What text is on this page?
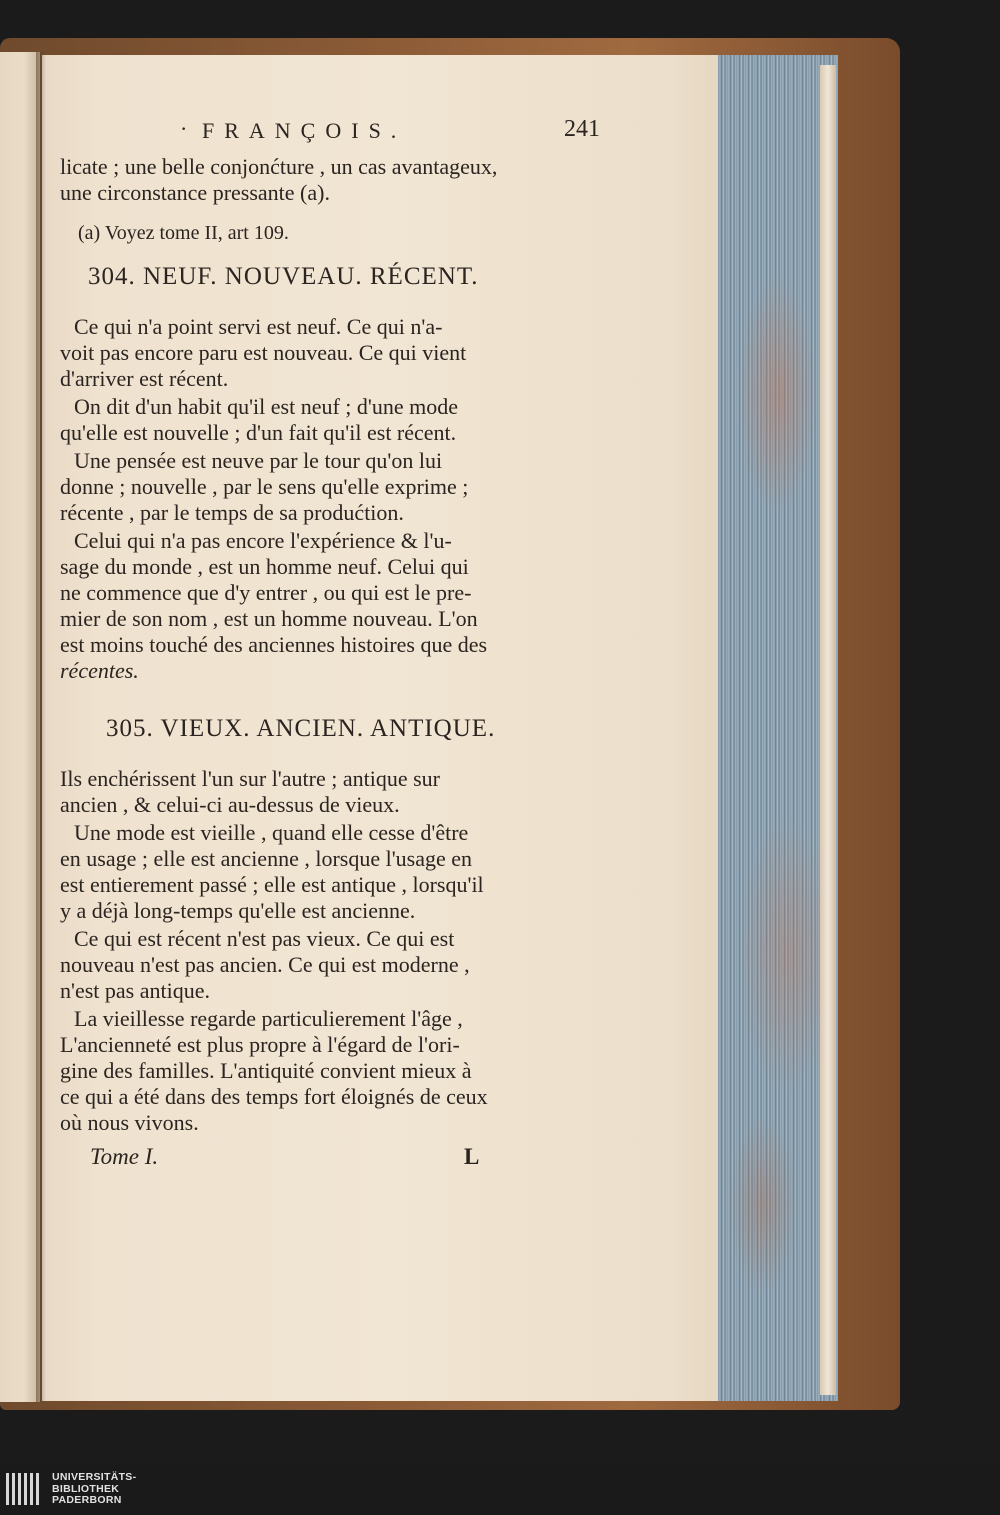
· FRANÇOIS.	241
licate ; une belle conjonćture , un cas avantageux,
une circonstance pressante (a).
(a) Voyez tome II, art 109.
304. NEUF. NOUVEAU. RÉCENT.
Ce qui n'a point servi est neuf. Ce qui n'a-
voit pas encore paru est nouveau. Ce qui vient
d'arriver est récent.
On dit d'un habit qu'il est neuf ; d'une mode
qu'elle est nouvelle ; d'un fait qu'il est récent.
Une pensée est neuve par le tour qu'on lui
donne ; nouvelle , par le sens qu'elle exprime ;
récente , par le temps de sa produćtion.
Celui qui n'a pas encore l'expérience & l'u-
sage du monde , est un homme neuf. Celui qui
ne commence que d'y entrer , ou qui est le pre-
mier de son nom , est un homme nouveau. L'on
est moins touché des anciennes histoires que des
récentes.
305. VIEUX. ANCIEN. ANTIQUE.
Ils enchérissent l'un sur l'autre ; antique sur
ancien , & celui-ci au-dessus de vieux.
Une mode est vieille , quand elle cesse d'être
en usage ; elle est ancienne , lorsque l'usage en
est entierement passé ; elle est antique , lorsqu'il
y a déjà long-temps qu'elle est ancienne.
Ce qui est récent n'est pas vieux. Ce qui est
nouveau n'est pas ancien. Ce qui est moderne ,
n'est pas antique.
La vieillesse regarde particulierement l'âge ,
L'ancienneté est plus propre à l'égard de l'ori-
gine des familles. L'antiquité convient mieux à
ce qui a été dans des temps fort éloignés de ceux
où nous vivons.
Tome I.	L
UNIVERSITÄTS-
BIBLIOTHEK
PADERBORN
